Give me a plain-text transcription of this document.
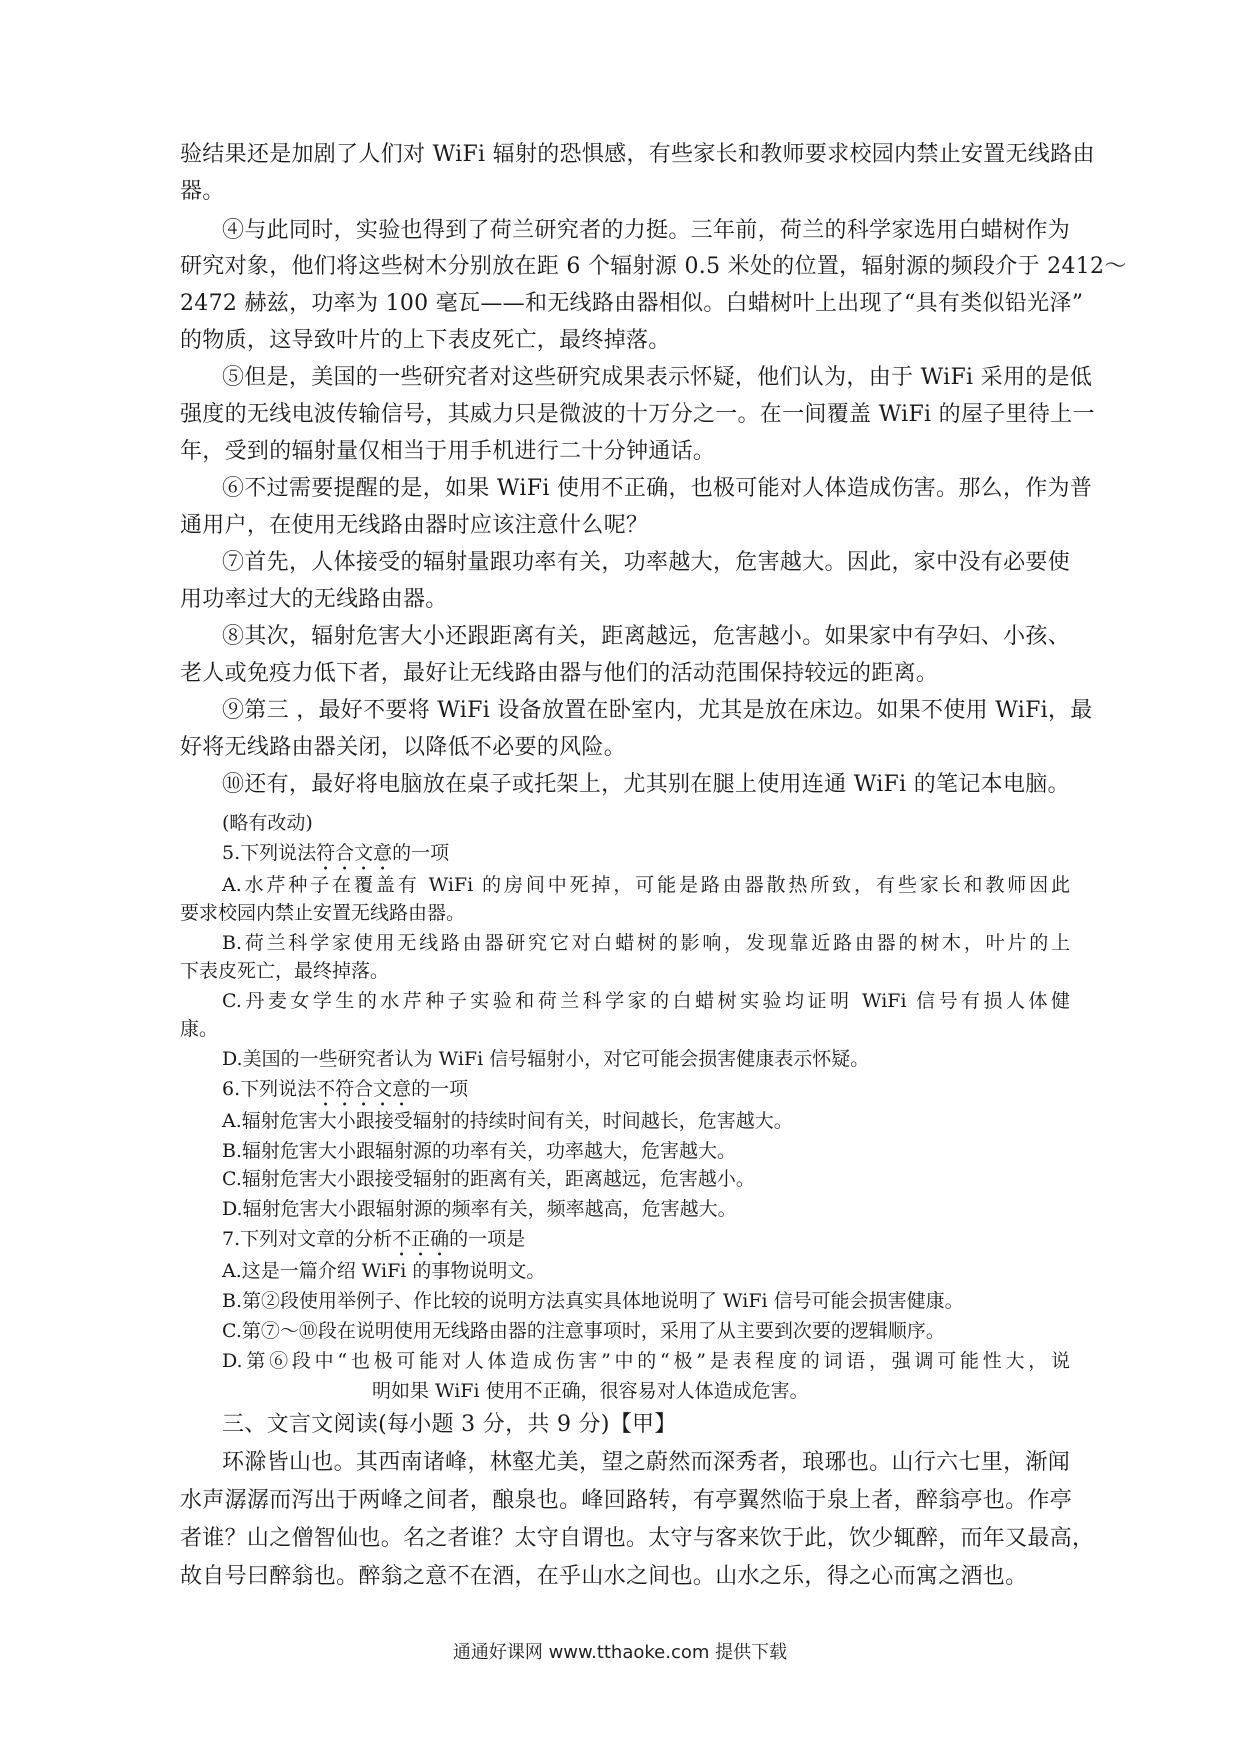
验结果还是加剧了人们对 WiFi 辐射的恐惧感，有些家长和教师要求校园内禁止安置无线路由
器。
④与此同时，实验也得到了荷兰研究者的力挺。三年前，荷兰的科学家选用白蜡树作为
研究对象，他们将这些树木分别放在距 6 个辐射源 0.5 米处的位置，辐射源的频段介于 2412～
2472 赫兹，功率为 100 毫瓦——和无线路由器相似。白蜡树叶上出现了“具有类似铅光泽”
的物质，这导致叶片的上下表皮死亡，最终掉落。
⑤但是，美国的一些研究者对这些研究成果表示怀疑，他们认为，由于 WiFi 采用的是低
强度的无线电波传输信号，其威力只是微波的十万分之一。在一间覆盖 WiFi 的屋子里待上一
年，受到的辐射量仅相当于用手机进行二十分钟通话。
⑥不过需要提醒的是，如果 WiFi 使用不正确，也极可能对人体造成伤害。那么，作为普
通用户，在使用无线路由器时应该注意什么呢？
⑦首先，人体接受的辐射量跟功率有关，功率越大，危害越大。因此，家中没有必要使
用功率过大的无线路由器。
⑧其次，辐射危害大小还跟距离有关，距离越远，危害越小。如果家中有孕妇、小孩、
老人或免疫力低下者，最好让无线路由器与他们的活动范围保持较远的距离。
⑨第三 ，最好不要将 WiFi 设备放置在卧室内，尤其是放在床边。如果不使用 WiFi，最
好将无线路由器关闭，以降低不必要的风险。
⑩还有，最好将电脑放在桌子或托架上，尤其别在腿上使用连通 WiFi 的笔记本电脑。
(略有改动)
5.下列说法符合文意的一项
A.水芹种子在覆盖有 WiFi 的房间中死掉，可能是路由器散热所致，有些家长和教师因此
要求校园内禁止安置无线路由器。
B.荷兰科学家使用无线路由器研究它对白蜡树的影响，发现靠近路由器的树木，叶片的上
下表皮死亡，最终掉落。
C.丹麦女学生的水芹种子实验和荷兰科学家的白蜡树实验均证明 WiFi 信号有损人体健
康。
D.美国的一些研究者认为 WiFi 信号辐射小，对它可能会损害健康表示怀疑。
6.下列说法不符合文意的一项
A.辐射危害大小跟接受辐射的持续时间有关，时间越长，危害越大。
B.辐射危害大小跟辐射源的功率有关，功率越大，危害越大。
C.辐射危害大小跟接受辐射的距离有关，距离越远，危害越小。
D.辐射危害大小跟辐射源的频率有关，频率越高，危害越大。
7.下列对文章的分析不正确的一项是
A.这是一篇介绍 WiFi 的事物说明文。
B.第②段使用举例子、作比较的说明方法真实具体地说明了 WiFi 信号可能会损害健康。
C.第⑦～⑩段在说明使用无线路由器的注意事项时，采用了从主要到次要的逻辑顺序。
D.第⑥段中“也极可能对人体造成伤害”中的“极”是表程度的词语，强调可能性大，说
明如果 WiFi 使用不正确，很容易对人体造成危害。
三、文言文阅读(每小题 3 分，共 9 分)【甲】
环滁皆山也。其西南诸峰，林壑尤美，望之蔚然而深秀者，琅琊也。山行六七里，渐闻
水声潺潺而泻出于两峰之间者，酿泉也。峰回路转，有亭翼然临于泉上者，醉翁亭也。作亭
者谁？山之僧智仙也。名之者谁？太守自谓也。太守与客来饮于此，饮少辄醉，而年又最高，
故自号曰醉翁也。醉翁之意不在酒，在乎山水之间也。山水之乐，得之心而寓之酒也。
通通好课网 www.tthaoke.com 提供下载
